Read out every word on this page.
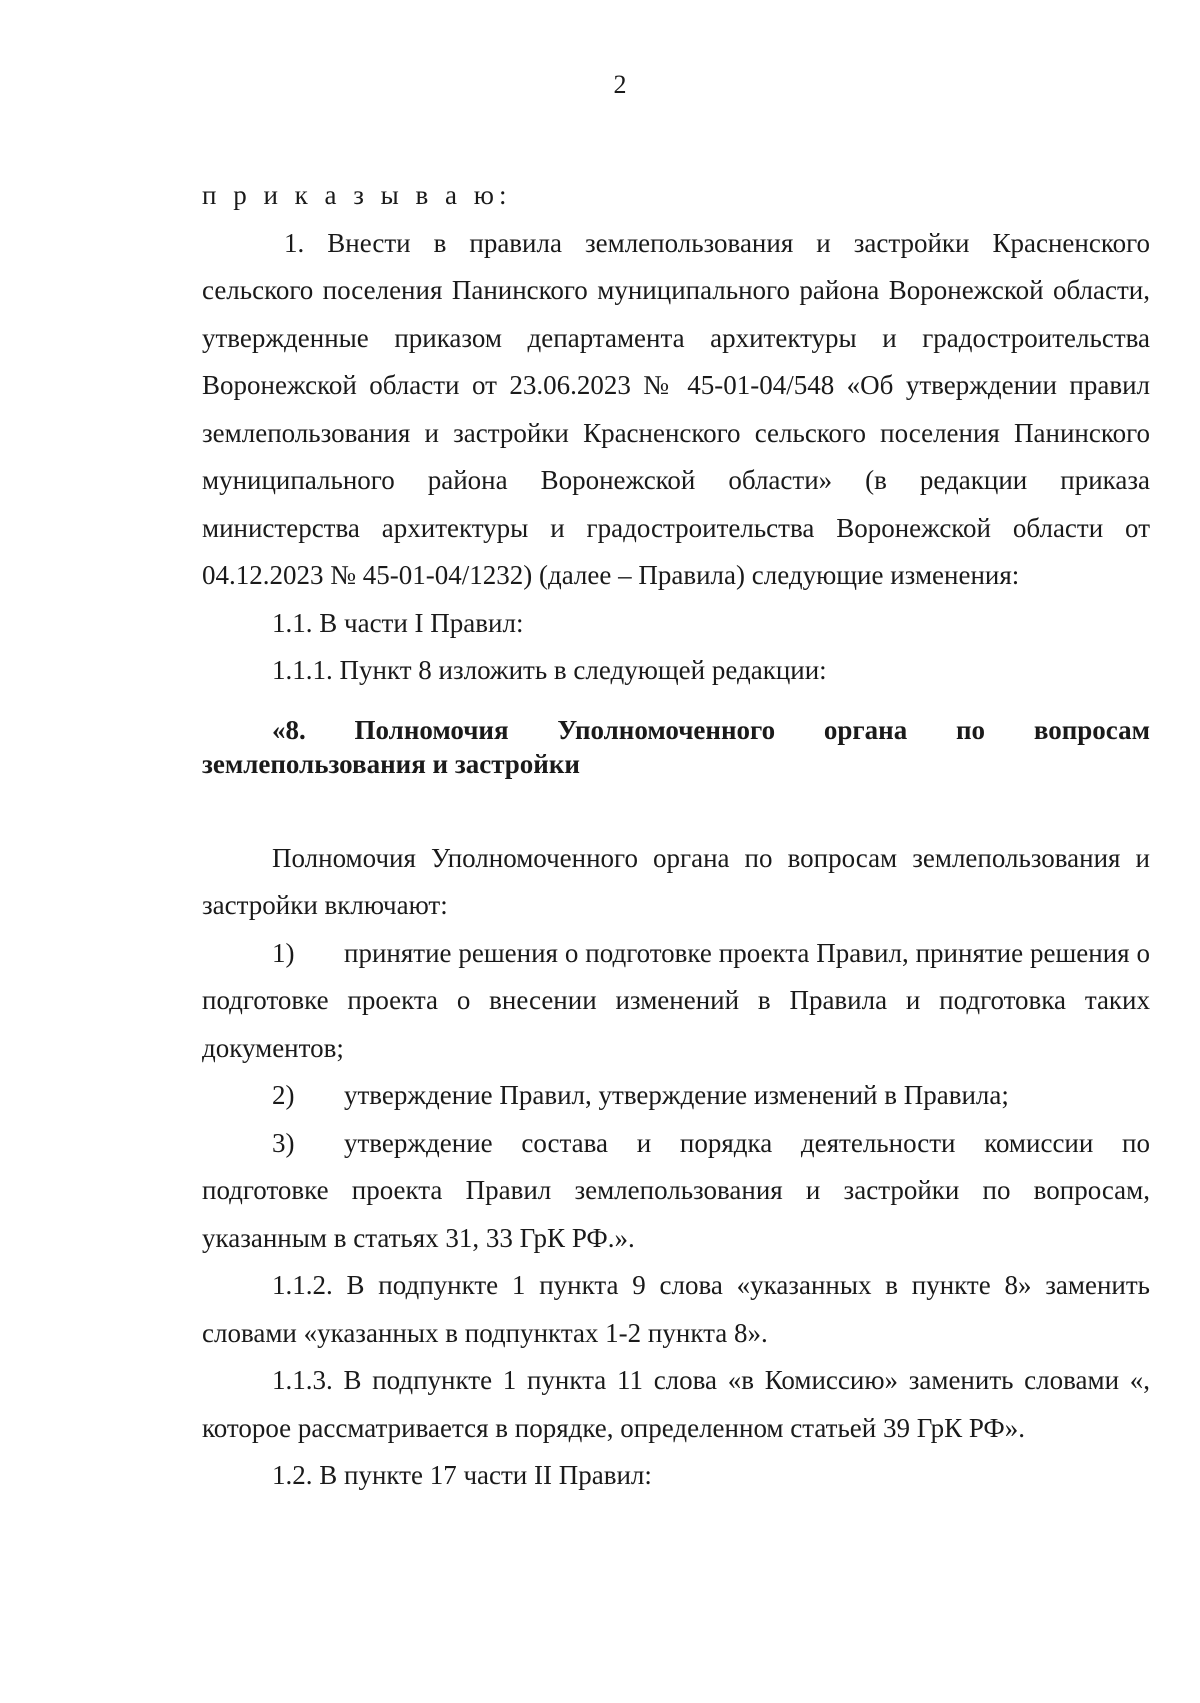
2

п р и к а з ы в а ю:

1. Внести в правила землепользования и застройки Красненского сельского поселения Панинского муниципального района Воронежской области, утвержденные приказом департамента архитектуры и градостроительства Воронежской области от 23.06.2023 № 45-01-04/548 «Об утверждении правил землепользования и застройки Красненского сельского поселения Панинского муниципального района Воронежской области» (в редакции приказа министерства архитектуры и градостроительства Воронежской области от 04.12.2023 № 45-01-04/1232) (далее – Правила) следующие изменения:

1.1. В части I Правил:

1.1.1. Пункт 8 изложить в следующей редакции:

«8. Полномочия Уполномоченного органа по вопросам землепользования и застройки

Полномочия Уполномоченного органа по вопросам землепользования и застройки включают:

1) принятие решения о подготовке проекта Правил, принятие решения о подготовке проекта о внесении изменений в Правила и подготовка таких документов;

2) утверждение Правил, утверждение изменений в Правила;

3) утверждение состава и порядка деятельности комиссии по подготовке проекта Правил землепользования и застройки по вопросам, указанным в статьях 31, 33 ГрК РФ.».

1.1.2. В подпункте 1 пункта 9 слова «указанных в пункте 8» заменить словами «указанных в подпунктах 1-2 пункта 8».

1.1.3. В подпункте 1 пункта 11 слова «в Комиссию» заменить словами «, которое рассматривается в порядке, определенном статьей 39 ГрК РФ».

1.2. В пункте 17 части II Правил:
